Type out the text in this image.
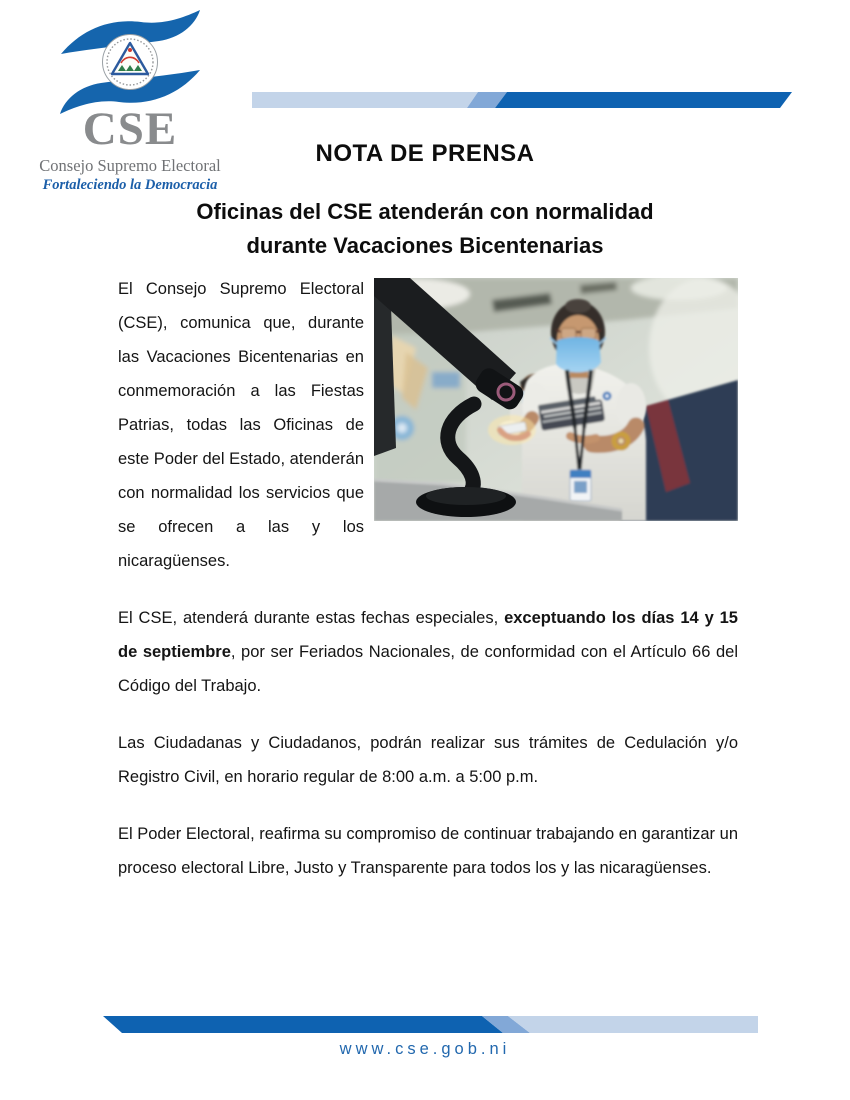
CSE
Consejo Supremo Electoral
Fortaleciendo la Democracia
NOTA DE PRENSA
Oficinas del CSE atenderán con normalidad
durante Vacaciones Bicentenarias

El Consejo Supremo Electoral (CSE), comunica que, durante las Vacaciones Bicentenarias en conmemoración a las Fiestas Patrias, todas las Oficinas de este Poder del Estado, atenderán con normalidad los servicios que se ofrecen a las y los nicaragüenses.

El CSE, atenderá durante estas fechas especiales, exceptuando los días 14 y 15 de septiembre, por ser Feriados Nacionales, de conformidad con el Artículo 66 del Código del Trabajo.

Las Ciudadanas y Ciudadanos, podrán realizar sus trámites de Cedulación y/o Registro Civil, en horario regular de 8:00 a.m. a 5:00 p.m.

El Poder Electoral, reafirma su compromiso de continuar trabajando en garantizar un proceso electoral Libre, Justo y Transparente para todos los y las nicaragüenses.

www.cse.gob.ni
